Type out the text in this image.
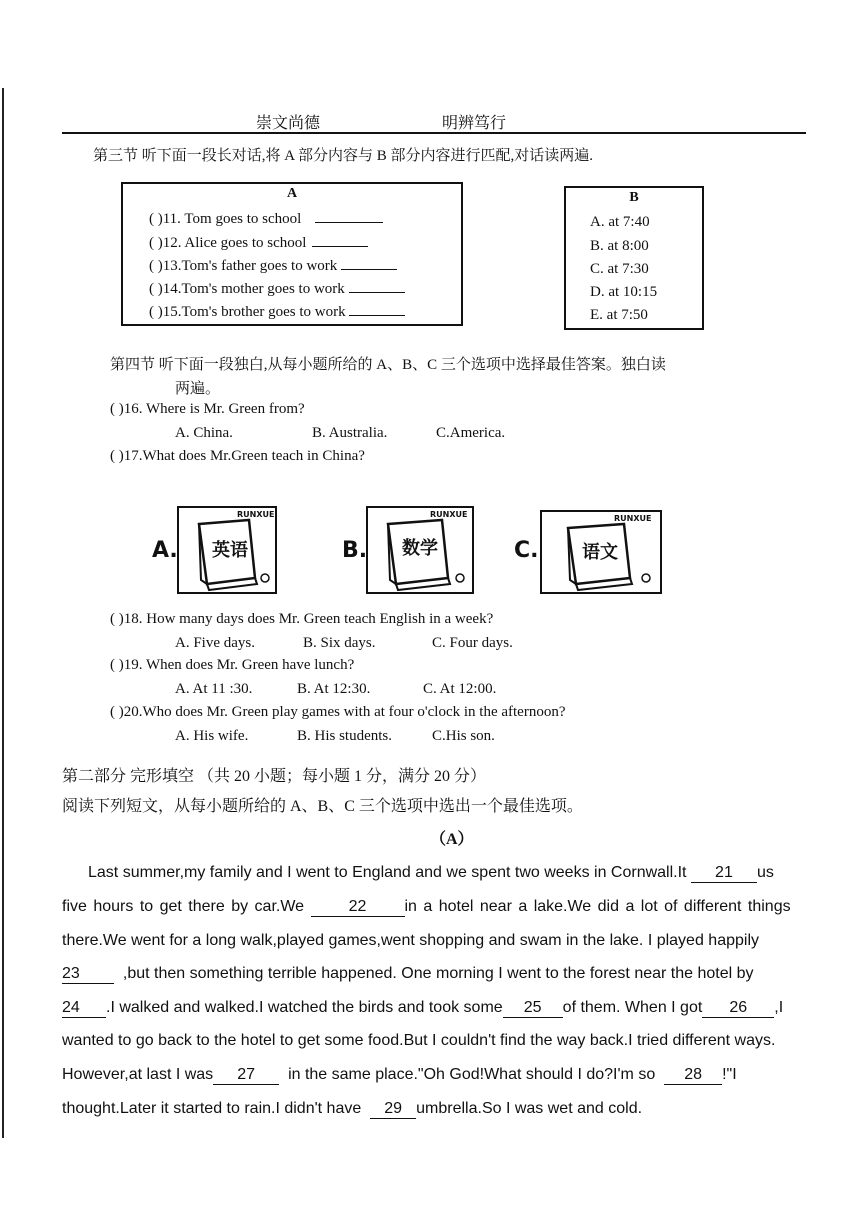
崇文尚德	明辨笃行
第三节 听下面一段长对话,将 A 部分内容与 B 部分内容进行匹配,对话读两遍.
A
( )11. Tom goes to school
( )12. Alice goes to school
( )13.Tom's father goes to work
( )14.Tom's mother goes to work
( )15.Tom's brother goes to work
B
A. at 7:40
B. at 8:00
C. at 7:30
D. at 10:15
E. at 7:50
第四节 听下面一段独白,从每小题所给的 A、B、C 三个选项中选择最佳答案。独白读
两遍。
( )16. Where is Mr. Green from?
A. China.	B. Australia.	C.America.
( )17.What does Mr.Green teach in China?
A.
RUNXUE
英语	B.
RUNXUE
数学	C.
RUNXUE
语文
( )18. How many days does Mr. Green teach English in a week?
A. Five days.	B. Six days.	C. Four days.
( )19. When does Mr. Green have lunch?
A. At 11 :30.	B. At 12:30.	C. At 12:00.
( )20.Who does Mr. Green play games with at four o'clock in the afternoon?
A. His wife.	B. His students.	C.His son.
第二部分 完形填空 （共 20 小题；每小题 1 分，满分 20 分）
阅读下列短文，从每小题所给的 A、B、C 三个选项中选出一个最佳选项。
（A）
Last summer,my family and I went to England and we spent two weeks in Cornwall.It 21 us
five hours to get there by car.We	22 in a hotel near a lake.We did a lot of different things
there.We went for a long walk,played games,went shopping and swam in the lake. I played happily
23	,but then something terrible happened. One morning I went to the forest near the hotel by
24 .I walked and walked.I watched the birds and took some 25 of them. When I got 26 ,I
wanted to go back to the hotel to get some food.But I couldn't find the way back.I tried different ways.
However,at last I was 27 in the same place."Oh God!What should I do?I'm so 28 !"I
thought.Later it started to rain.I didn't have 29 umbrella.So I was wet and cold.
